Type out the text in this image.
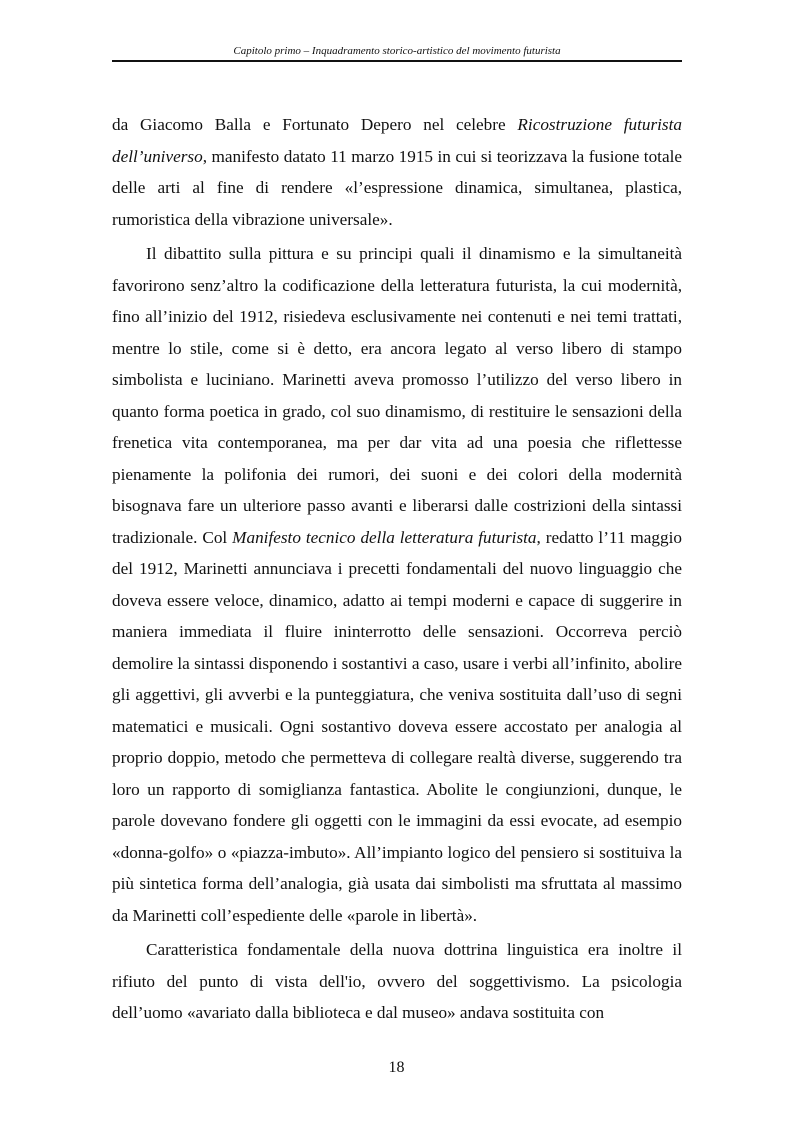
Capitolo primo – Inquadramento storico-artistico del movimento futurista

da Giacomo Balla e Fortunato Depero nel celebre Ricostruzione futurista dell’universo, manifesto datato 11 marzo 1915 in cui si teorizzava la fusione totale delle arti al fine di rendere «l’espressione dinamica, simultanea, plastica, rumoristica della vibrazione universale».

Il dibattito sulla pittura e su principi quali il dinamismo e la simultaneità favorirono senz’altro la codificazione della letteratura futurista, la cui modernità, fino all’inizio del 1912, risiedeva esclusivamente nei contenuti e nei temi trattati, mentre lo stile, come si è detto, era ancora legato al verso libero di stampo simbolista e luciniano. Marinetti aveva promosso l’utilizzo del verso libero in quanto forma poetica in grado, col suo dinamismo, di restituire le sensazioni della frenetica vita contemporanea, ma per dar vita ad una poesia che riflettesse pienamente la polifonia dei rumori, dei suoni e dei colori della modernità bisognava fare un ulteriore passo avanti e liberarsi dalle costrizioni della sintassi tradizionale. Col Manifesto tecnico della letteratura futurista, redatto l’11 maggio del 1912, Marinetti annunciava i precetti fondamentali del nuovo linguaggio che doveva essere veloce, dinamico, adatto ai tempi moderni e capace di suggerire in maniera immediata il fluire ininterrotto delle sensazioni. Occorreva perciò demolire la sintassi disponendo i sostantivi a caso, usare i verbi all’infinito, abolire gli aggettivi, gli avverbi e la punteggiatura, che veniva sostituita dall’uso di segni matematici e musicali. Ogni sostantivo doveva essere accostato per analogia al proprio doppio, metodo che permetteva di collegare realtà diverse, suggerendo tra loro un rapporto di somiglianza fantastica. Abolite le congiunzioni, dunque, le parole dovevano fondere gli oggetti con le immagini da essi evocate, ad esempio «donna-golfo» o «piazza-imbuto». All’impianto logico del pensiero si sostituiva la più sintetica forma dell’analogia, già usata dai simbolisti ma sfruttata al massimo da Marinetti coll’espediente delle «parole in libertà».

Caratteristica fondamentale della nuova dottrina linguistica era inoltre il rifiuto del punto di vista dell'io, ovvero del soggettivismo. La psicologia dell’uomo «avariato dalla biblioteca e dal museo» andava sostituita con

18
